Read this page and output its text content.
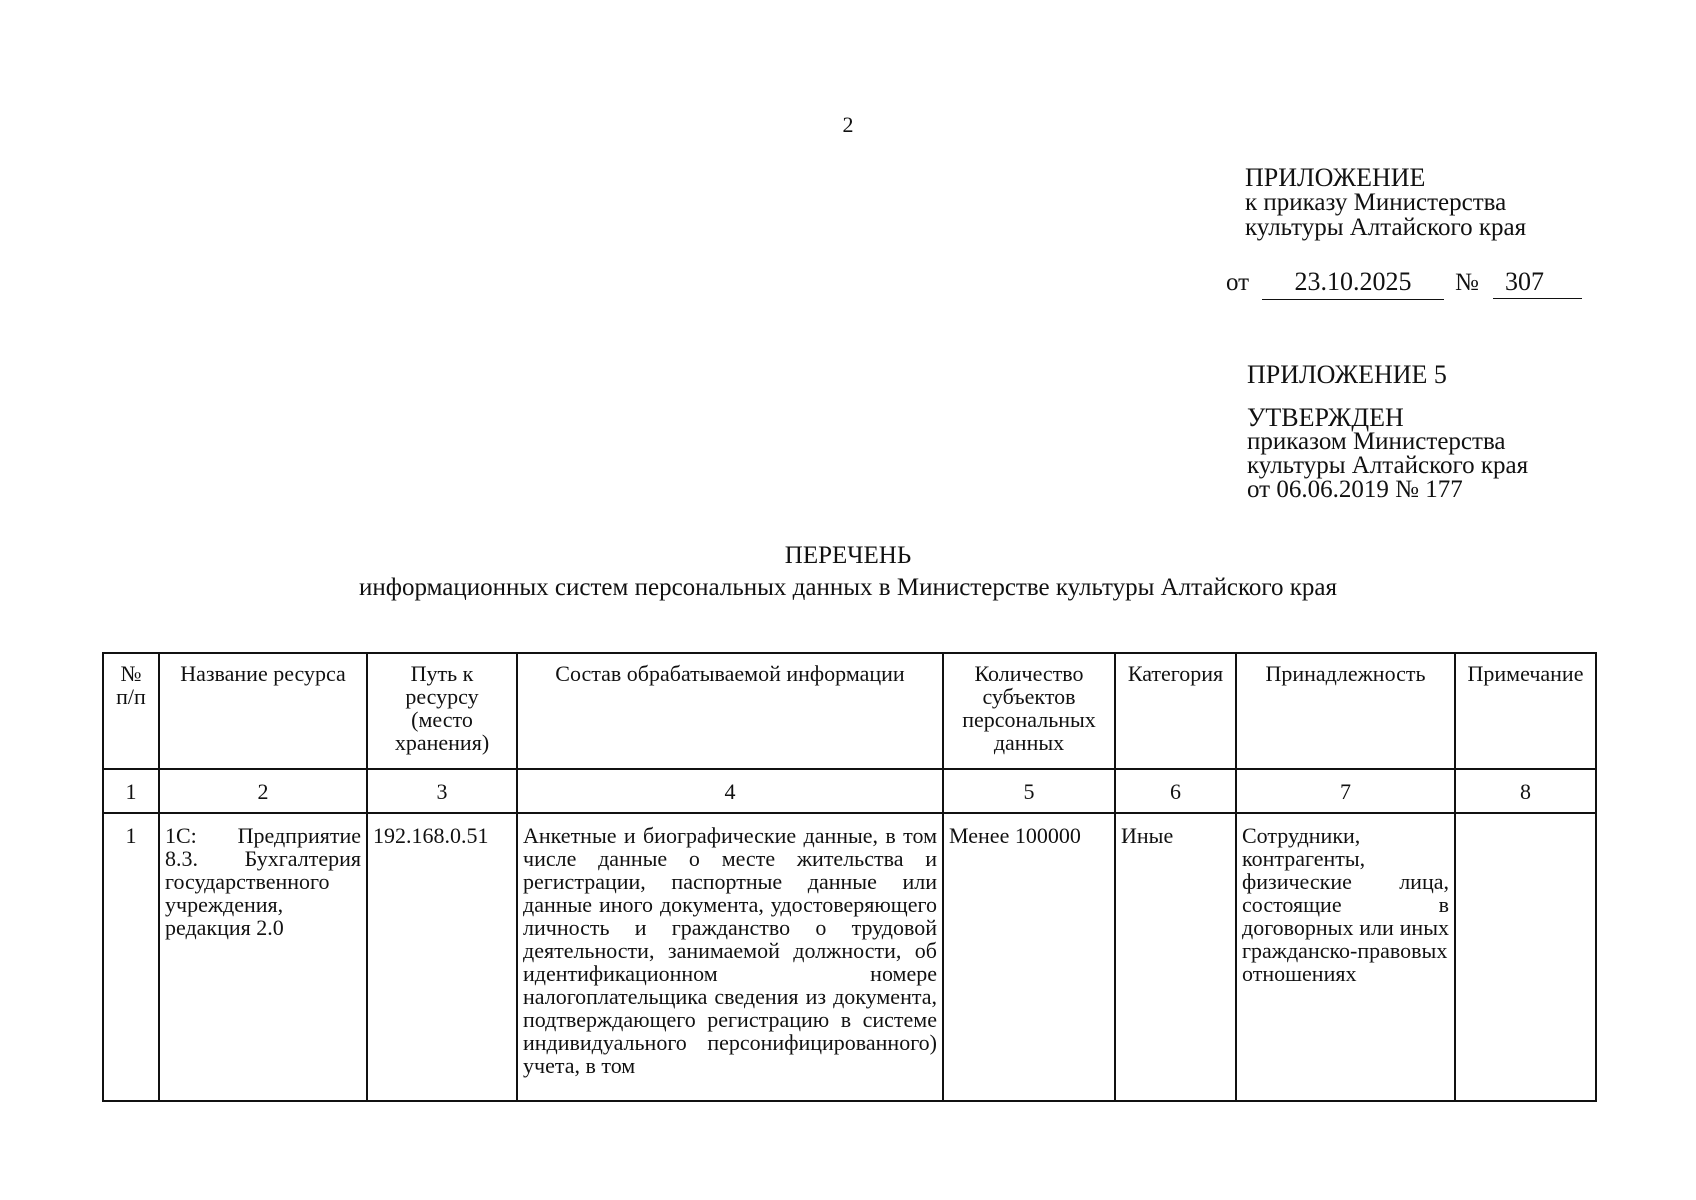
2
ПРИЛОЖЕНИЕ
к приказу Министерства
культуры Алтайского края
от	23.10.2025	№	307
ПРИЛОЖЕНИЕ 5
УТВЕРЖДЕН
приказом Министерства
культуры Алтайского края
от 06.06.2019 № 177
ПЕРЕЧЕНЬ
информационных систем персональных данных в Министерстве культуры Алтайского края
№ п/п	Название ресурса	Путь к ресурсу (место хранения)	Состав обрабатываемой информации	Количество субъектов персональных данных	Категория	Принадлежность	Примечание
1	2	3	4	5	6	7	8
1	1С: Предприятие 8.3. Бухгалтерия государственного учреждения, редакция 2.0	192.168.0.51	Анкетные и биографические данные, в том числе данные о месте жительства и регистрации, паспортные данные или данные иного документа, удостоверяющего личность и гражданство о трудовой деятельности, занимаемой должности, об идентификационном номере налогоплательщика сведения из документа, подтверждающего регистрацию в системе индивидуального персонифицированного) учета, в том	Менее 100000	Иные	Сотрудники, контрагенты, физические лица, состоящие в договорных или иных гражданско-правовых отношениях	
